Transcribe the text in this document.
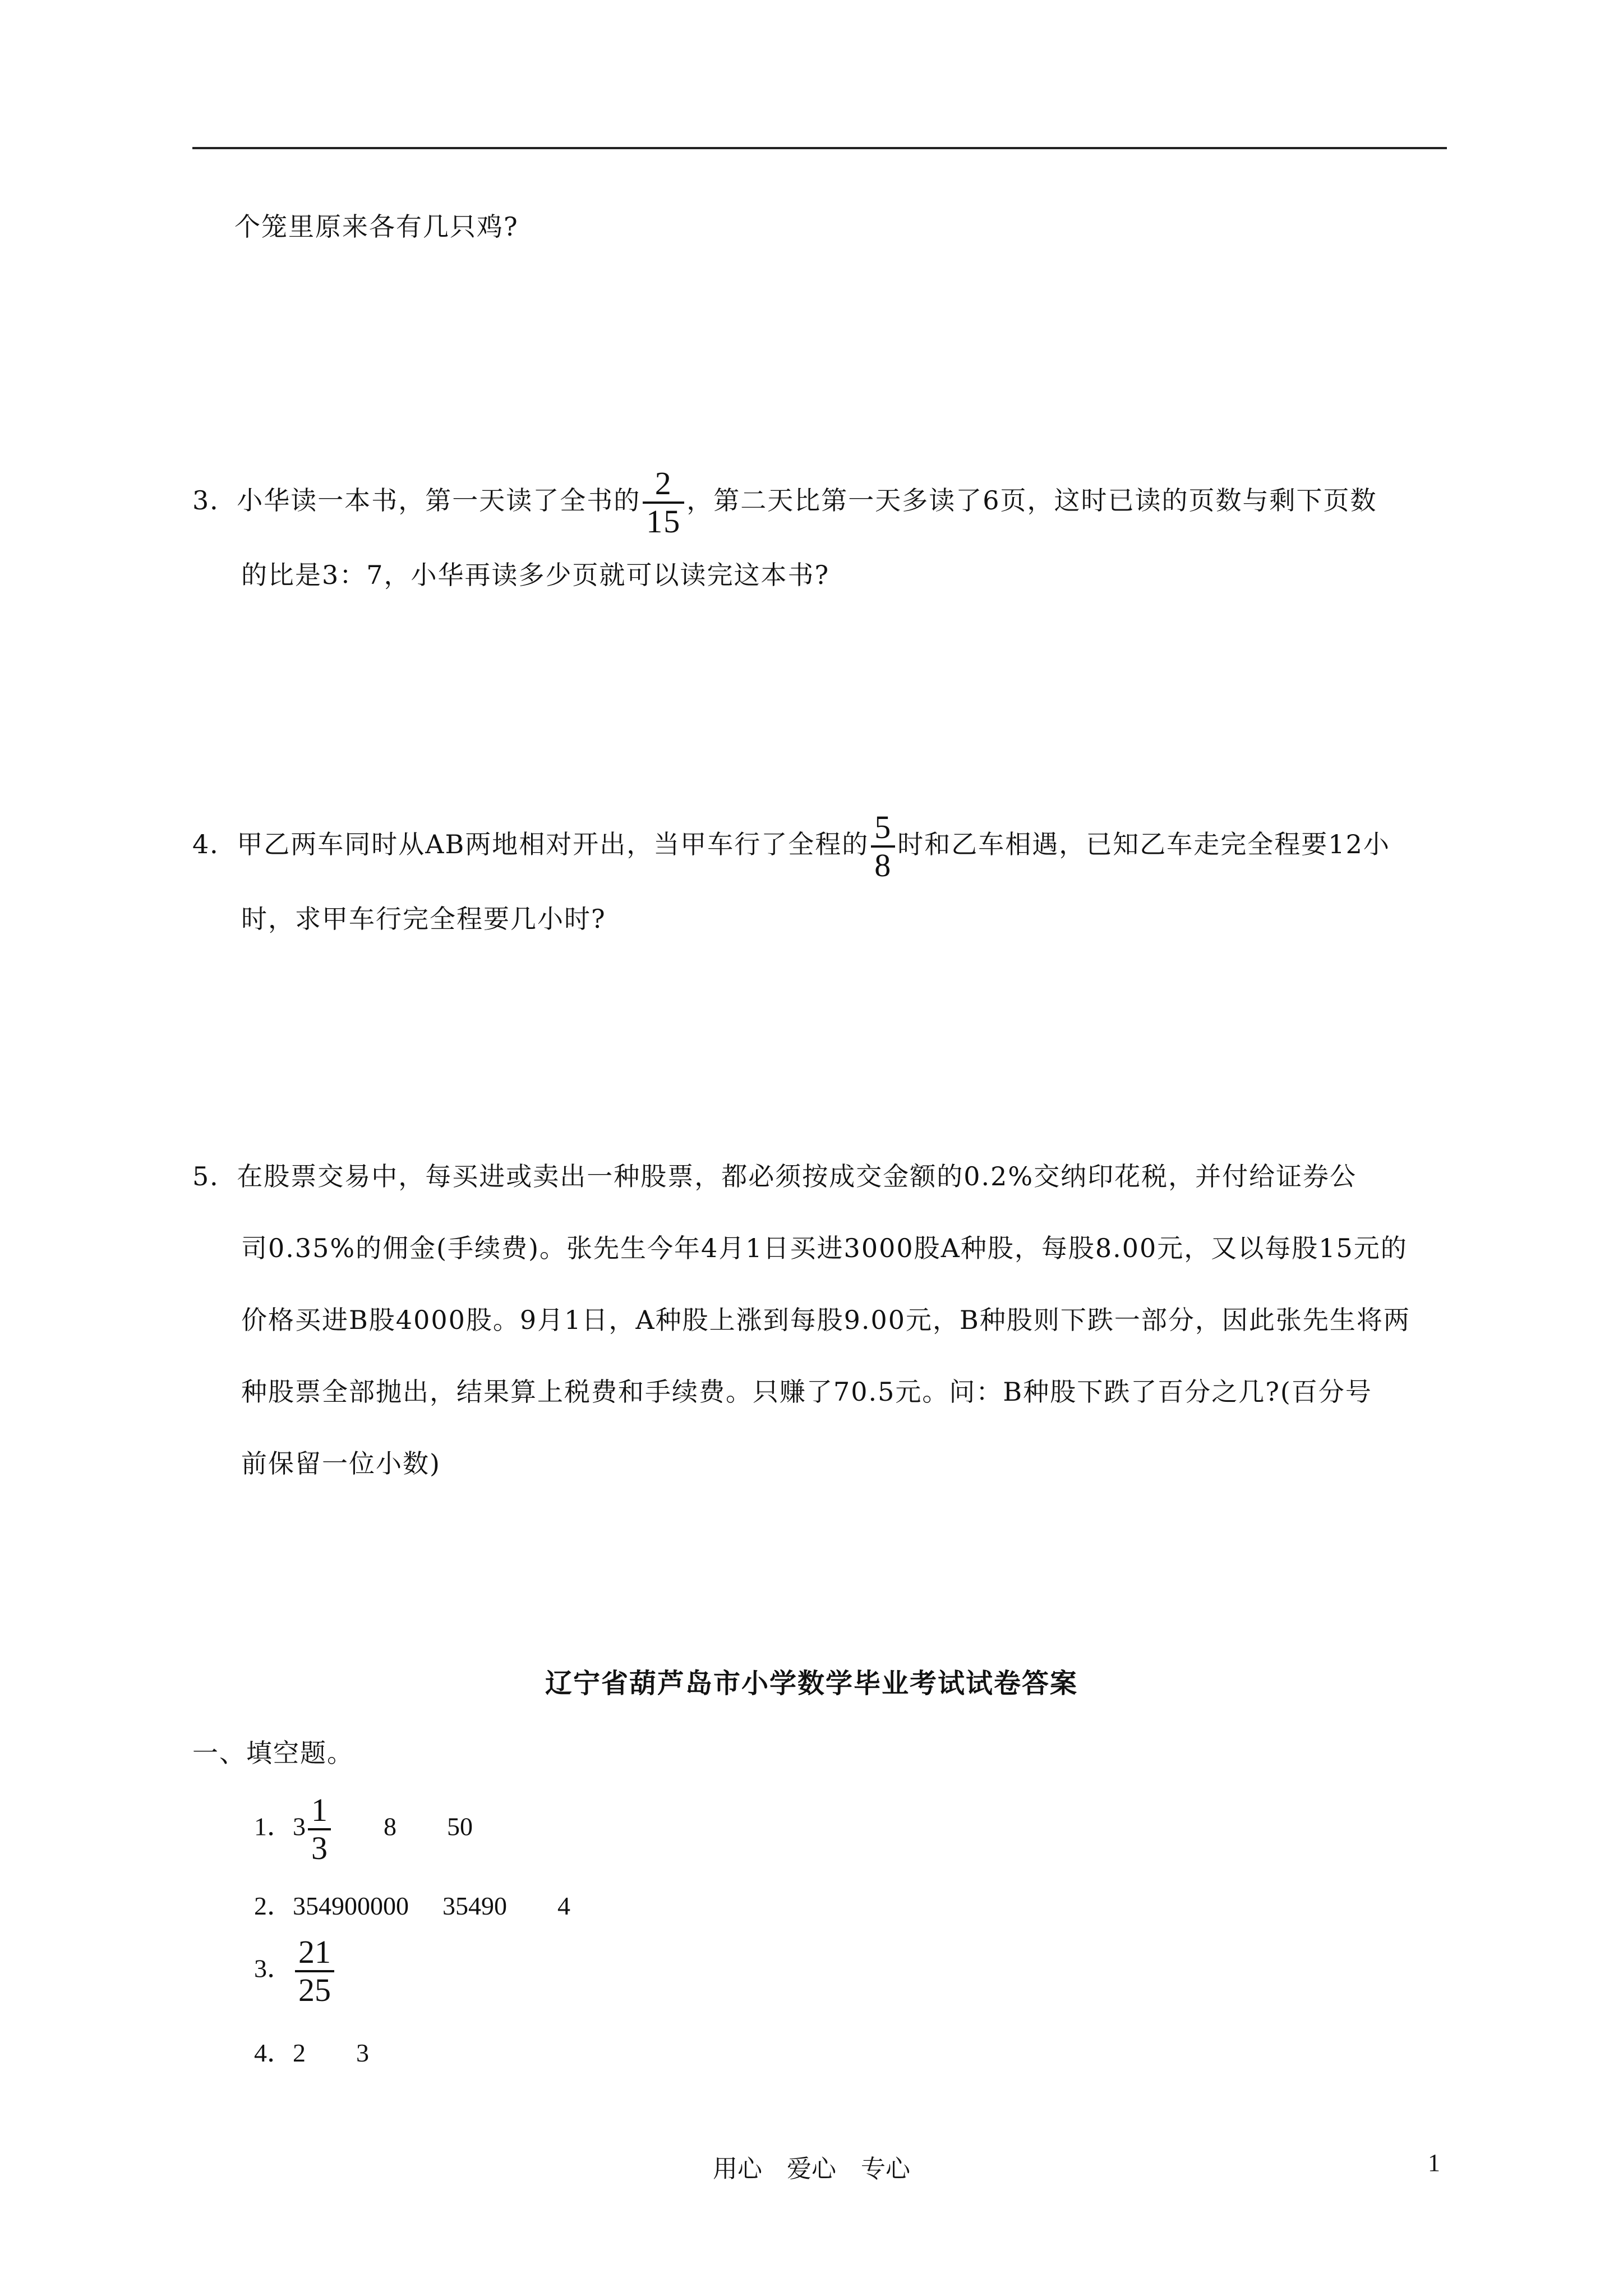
个笼里原来各有几只鸡?
3．小华读一本书，第一天读了全书的 $\frac{2}{15}$ ，第二天比第一天多读了6页，这时已读的页数与剩下页数
的比是3：7，小华再读多少页就可以读完这本书?
4．甲乙两车同时从AB两地相对开出，当甲车行了全程的 $\frac{5}{8}$ 时和乙车相遇，已知乙车走完全程要12小
时，求甲车行完全程要几小时?
5．在股票交易中，每买进或卖出一种股票，都必须按成交金额的0.2%交纳印花税，并付给证券公
司0.35%的佣金(手续费)。张先生今年4月1日买进3000股A种股，每股8.00元，又以每股15元的
价格买进B股4000股。9月1日，A种股上涨到每股9.00元，B种股则下跌一部分，因此张先生将两
种股票全部抛出，结果算上税费和手续费。只赚了70.5元。问：B种股下跌了百分之几?(百分号
前保留一位小数)
辽宁省葫芦岛市小学数学毕业考试试卷答案
一、填空题。
1．$3 \frac{1}{3} 8$ 50
2．354900000 35490 4
3． $\frac{21}{25}$
4．2 3
用心 爱心 专心	1
